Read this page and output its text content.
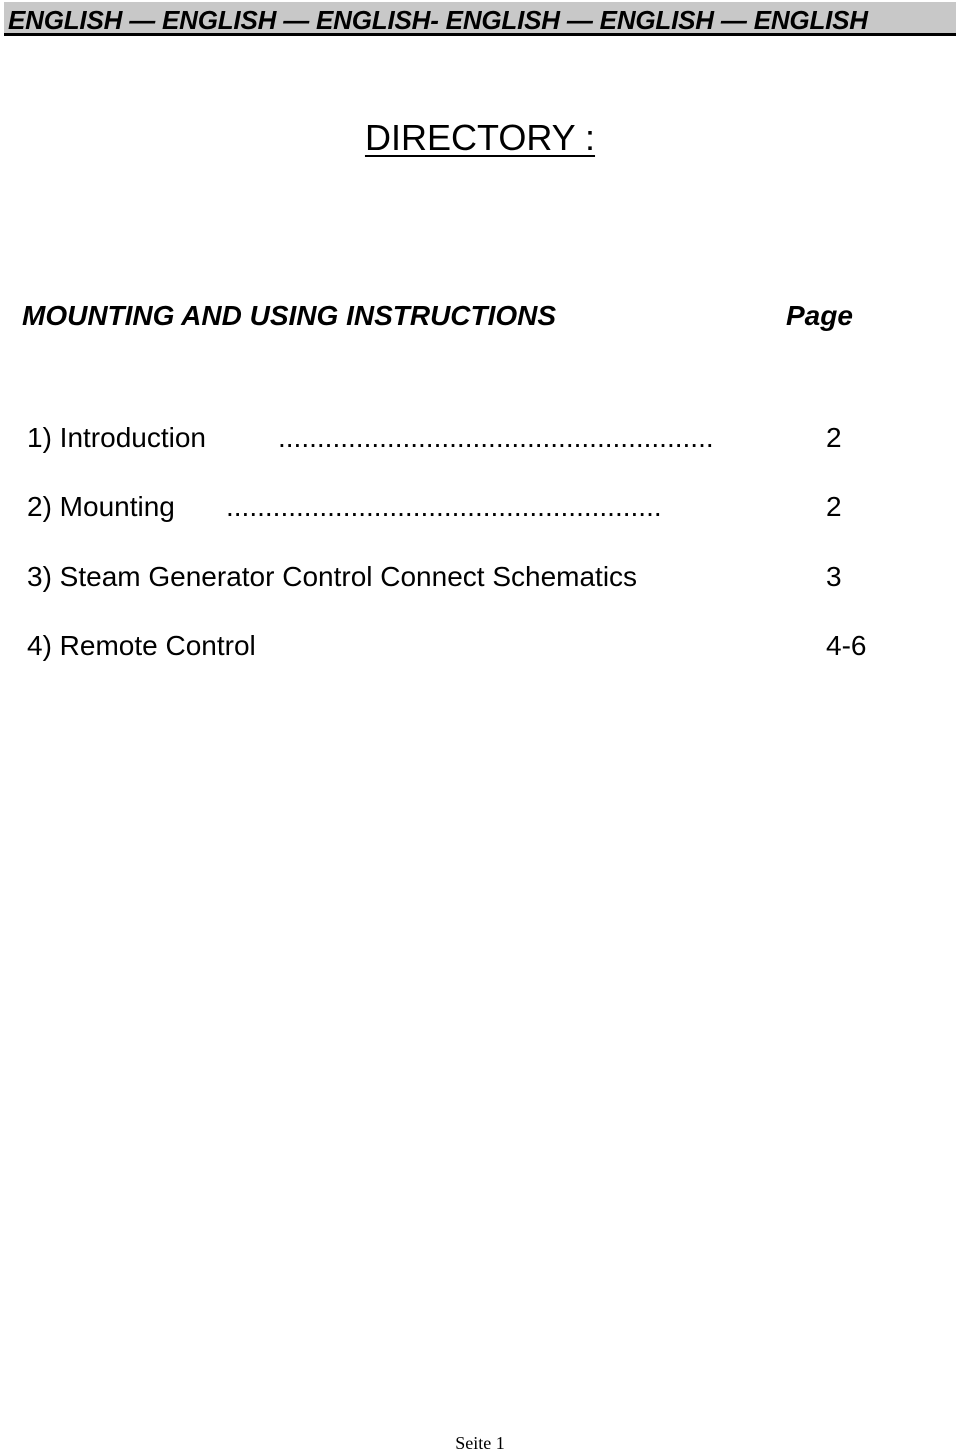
ENGLISH — ENGLISH — ENGLISH- ENGLISH — ENGLISH — ENGLISH
DIRECTORY :
MOUNTING AND USING INSTRUCTIONS	Page
1) Introduction	........................................................	2
2) Mounting ........................................................	2
3) Steam Generator Control Connect Schematics	3
4) Remote Control	4-6
Seite 1
